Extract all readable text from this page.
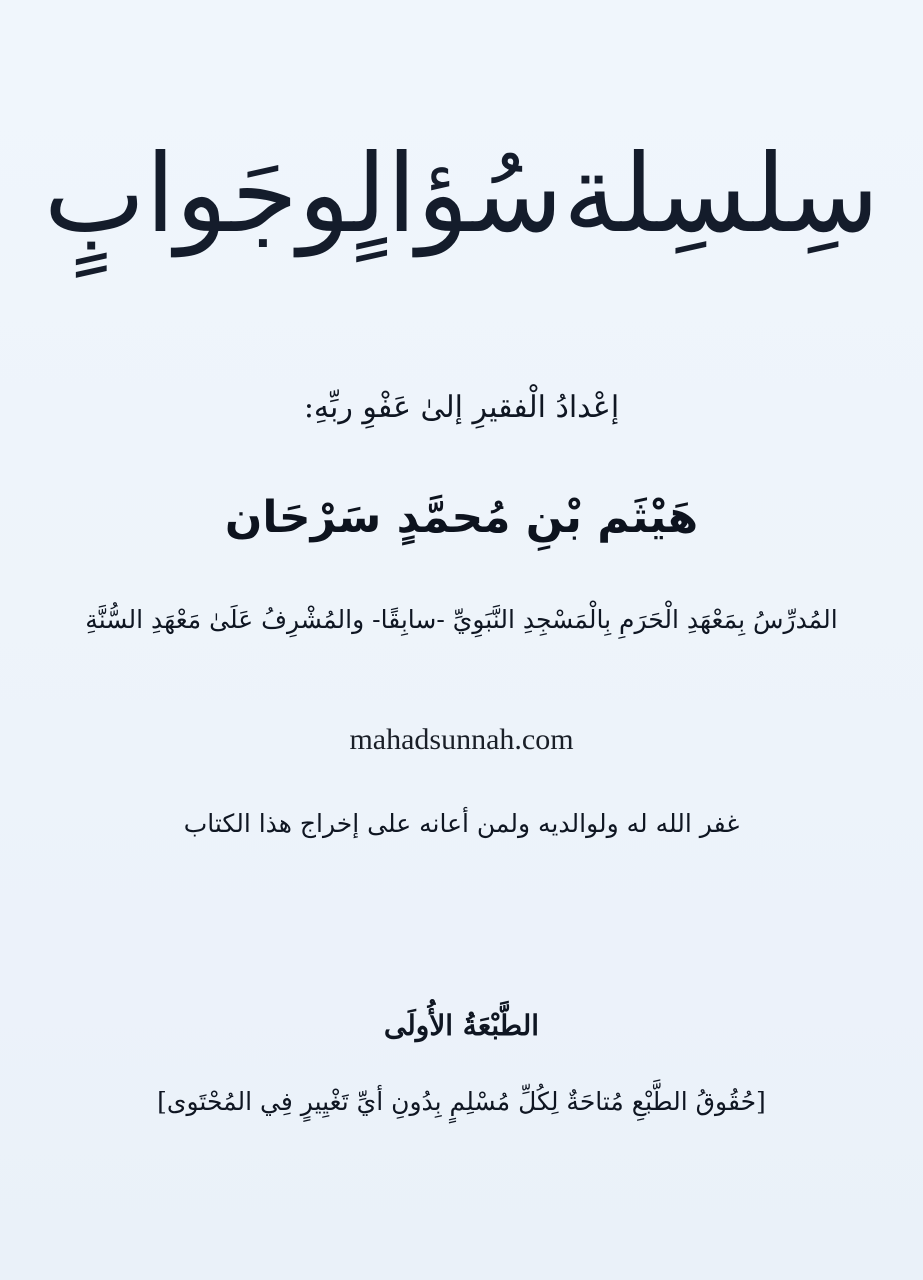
سِلسِلةسُؤالٍوجَوابٍ
إعْدادُ الْفقيرِ إلىٰ عَفْوِ ربِّهِ:
هَيْثَم بْنِ مُحمَّدٍ سَرْحَان
المُدرِّسُ بِمَعْهَدِ الْحَرَمِ بِالْمَسْجِدِ النَّبَوِيِّ -سابِقًا- والمُشْرِفُ عَلَىٰ مَعْهَدِ السُّنَّةِ
mahadsunnah.com
غفر الله له ولوالديه ولمن أعانه على إخراج هذا الكتاب
الطَّبْعَةُ الأُولَى
[حُقُوقُ الطَّبْعِ مُتاحَةٌ لِكُلِّ مُسْلِمٍ بِدُونِ أيِّ تَغْيِيرٍ فِي المُحْتَوى]
